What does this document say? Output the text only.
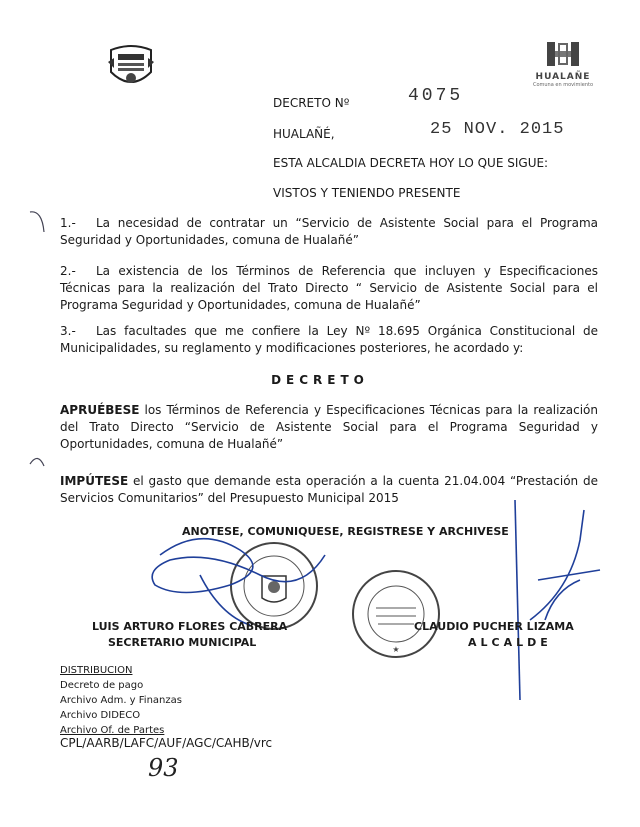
HUALAÑE
Comuna en movimiento
DECRETO Nº	4075
HUALAÑÉ,	25 NOV. 2015
ESTA ALCALDIA DECRETA HOY LO QUE SIGUE:
VISTOS Y TENIENDO PRESENTE
1.- La necesidad de contratar un “Servicio de Asistente Social para el Programa Seguridad y Oportunidades, comuna de Hualañé”
2.- La existencia de los Términos de Referencia que incluyen y Especificaciones Técnicas para la realización del Trato Directo “ Servicio de Asistente Social para el Programa Seguridad y Oportunidades, comuna de Hualañé”
3.- Las facultades que me confiere la Ley Nº 18.695 Orgánica Constitucional de Municipalidades, su reglamento y modificaciones posteriores, he acordado y:
DECRETO
APRUÉBESE los Términos de Referencia y Especificaciones Técnicas para la realización del Trato Directo “Servicio de Asistente Social para el Programa Seguridad y Oportunidades, comuna de Hualañé”
IMPÚTESE el gasto que demande esta operación a la cuenta 21.04.004 “Prestación de Servicios Comunitarios” del Presupuesto Municipal 2015
ANOTESE, COMUNIQUESE, REGISTRESE Y ARCHIVESE
★
LUIS ARTURO FLORES CABRERA
SECRETARIO MUNICIPAL
CLAUDIO PUCHER LIZAMA
ALCALDE
DISTRIBUCION
Decreto de pago
Archivo Adm. y Finanzas
Archivo DIDECO
Archivo Of. de Partes
CPL/AARB/LAFC/AUF/AGC/CAHB/vrc
93
